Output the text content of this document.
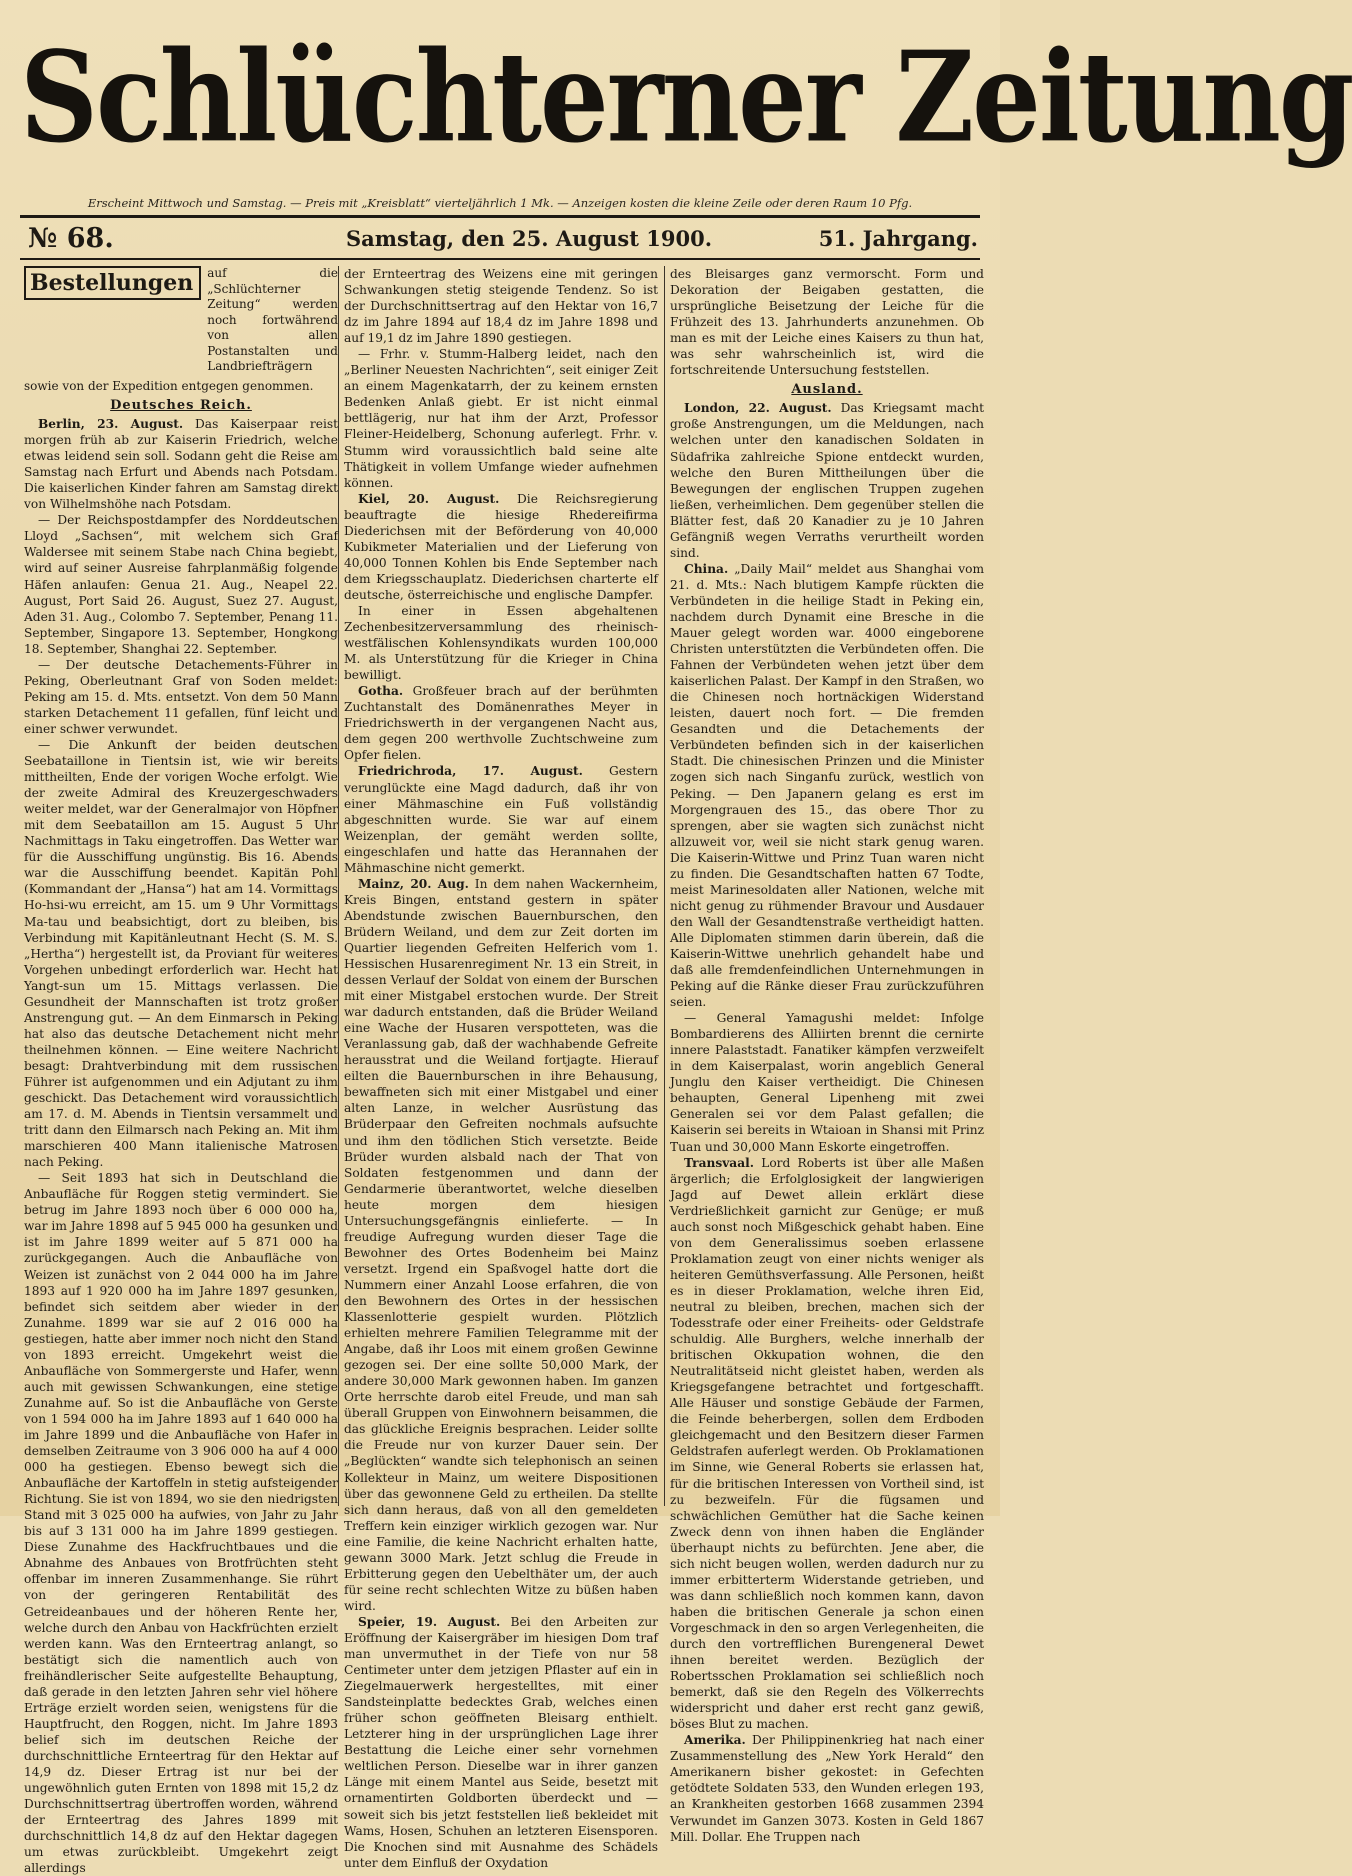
Schlüchterner Zeitung
Erscheint Mittwoch und Samstag. — Preis mit „Kreisblatt“ vierteljährlich 1 Mk. — Anzeigen kosten die kleine Zeile oder deren Raum 10 Pfg.
№ 68.	Samstag, den 25. August 1900.	51. Jahrgang.
Bestellungen	auf die „Schlüchterner Zeitung“ werden noch fortwährend von allen Postanstalten und Landbriefträgern
sowie von der Expedition entgegen genommen.
Deutsches Reich.

Berlin, 23. August. Das Kaiserpaar reist morgen früh ab zur Kaiserin Friedrich, welche etwas leidend sein soll. Sodann geht die Reise am Samstag nach Erfurt und Abends nach Potsdam. Die kaiserlichen Kinder fahren am Samstag direkt von Wilhelmshöhe nach Potsdam.

— Der Reichspostdampfer des Norddeutschen Lloyd „Sachsen“, mit welchem sich Graf Waldersee mit seinem Stabe nach China begiebt, wird auf seiner Ausreise fahrplanmäßig folgende Häfen anlaufen: Genua 21. Aug., Neapel 22. August, Port Said 26. August, Suez 27. August, Aden 31. Aug., Colombo 7. September, Penang 11. September, Singapore 13. September, Hongkong 18. September, Shanghai 22. September.

— Der deutsche Detachements-Führer in Peking, Oberleutnant Graf von Soden meldet: Peking am 15. d. Mts. entsetzt. Von dem 50 Mann starken Detachement 11 gefallen, fünf leicht und einer schwer verwundet.

— Die Ankunft der beiden deutschen Seebataillone in Tientsin ist, wie wir bereits mittheilten, Ende der vorigen Woche erfolgt. Wie der zweite Admiral des Kreuzergeschwaders weiter meldet, war der Generalmajor von Höpfner mit dem Seebataillon am 15. August 5 Uhr Nachmittags in Taku eingetroffen. Das Wetter war für die Ausschiffung ungünstig. Bis 16. Abends war die Ausschiffung beendet. Kapitän Pohl (Kommandant der „Hansa“) hat am 14. Vormittags Ho-hsi-wu erreicht, am 15. um 9 Uhr Vormittags Ma-tau und beabsichtigt, dort zu bleiben, bis Verbindung mit Kapitänleutnant Hecht (S. M. S. „Hertha“) hergestellt ist, da Proviant für weiteres Vorgehen unbedingt erforderlich war. Hecht hat Yangt-sun um 15. Mittags verlassen. Die Gesundheit der Mannschaften ist trotz großer Anstrengung gut. — An dem Einmarsch in Peking hat also das deutsche Detachement nicht mehr theilnehmen können. — Eine weitere Nachricht besagt: Drahtverbindung mit dem russischen Führer ist aufgenommen und ein Adjutant zu ihm geschickt. Das Detachement wird voraussichtlich am 17. d. M. Abends in Tientsin versammelt und tritt dann den Eilmarsch nach Peking an. Mit ihm marschieren 400 Mann italienische Matrosen nach Peking.

— Seit 1893 hat sich in Deutschland die Anbaufläche für Roggen stetig vermindert. Sie betrug im Jahre 1893 noch über 6 000 000 ha, war im Jahre 1898 auf 5 945 000 ha gesunken und ist im Jahre 1899 weiter auf 5 871 000 ha zurückgegangen. Auch die Anbaufläche von Weizen ist zunächst von 2 044 000 ha im Jahre 1893 auf 1 920 000 ha im Jahre 1897 gesunken, befindet sich seitdem aber wieder in der Zunahme. 1899 war sie auf 2 016 000 ha gestiegen, hatte aber immer noch nicht den Stand von 1893 erreicht. Umgekehrt weist die Anbaufläche von Sommergerste und Hafer, wenn auch mit gewissen Schwankungen, eine stetige Zunahme auf. So ist die Anbaufläche von Gerste von 1 594 000 ha im Jahre 1893 auf 1 640 000 ha im Jahre 1899 und die Anbaufläche von Hafer in demselben Zeitraume von 3 906 000 ha auf 4 000 000 ha gestiegen. Ebenso bewegt sich die Anbaufläche der Kartoffeln in stetig aufsteigender Richtung. Sie ist von 1894, wo sie den niedrigsten Stand mit 3 025 000 ha aufwies, von Jahr zu Jahr bis auf 3 131 000 ha im Jahre 1899 gestiegen. Diese Zunahme des Hackfruchtbaues und die Abnahme des Anbaues von Brotfrüchten steht offenbar im inneren Zusammenhange. Sie rührt von der geringeren Rentabilität des Getreideanbaues und der höheren Rente her, welche durch den Anbau von Hackfrüchten erzielt werden kann. Was den Ernteertrag anlangt, so bestätigt sich die namentlich auch von freihändlerischer Seite aufgestellte Behauptung, daß gerade in den letzten Jahren sehr viel höhere Erträge erzielt worden seien, wenigstens für die Hauptfrucht, den Roggen, nicht. Im Jahre 1893 belief sich im deutschen Reiche der durchschnittliche Ernteertrag für den Hektar auf 14,9 dz. Dieser Ertrag ist nur bei der ungewöhnlich guten Ernten von 1898 mit 15,2 dz Durchschnittsertrag übertroffen worden, während der Ernteertrag des Jahres 1899 mit durchschnittlich 14,8 dz auf den Hektar dagegen um etwas zurückbleibt. Umgekehrt zeigt allerdings

der Ernteertrag des Weizens eine mit geringen Schwankungen stetig steigende Tendenz. So ist der Durchschnittsertrag auf den Hektar von 16,7 dz im Jahre 1894 auf 18,4 dz im Jahre 1898 und auf 19,1 dz im Jahre 1890 gestiegen.

— Frhr. v. Stumm-Halberg leidet, nach den „Berliner Neuesten Nachrichten“, seit einiger Zeit an einem Magenkatarrh, der zu keinem ernsten Bedenken Anlaß giebt. Er ist nicht einmal bettlägerig, nur hat ihm der Arzt, Professor Fleiner-Heidelberg, Schonung auferlegt. Frhr. v. Stumm wird voraussichtlich bald seine alte Thätigkeit in vollem Umfange wieder aufnehmen können.

Kiel, 20. August. Die Reichsregierung beauftragte die hiesige Rhedereifirma Diederichsen mit der Beförderung von 40,000 Kubikmeter Materialien und der Lieferung von 40,000 Tonnen Kohlen bis Ende September nach dem Kriegsschauplatz. Diederichsen charterte elf deutsche, österreichische und englische Dampfer.

In einer in Essen abgehaltenen Zechenbesitzerversammlung des rheinisch-westfälischen Kohlensyndikats wurden 100,000 M. als Unterstützung für die Krieger in China bewilligt.

Gotha. Großfeuer brach auf der berühmten Zuchtanstalt des Domänenrathes Meyer in Friedrichswerth in der vergangenen Nacht aus, dem gegen 200 werthvolle Zuchtschweine zum Opfer fielen.

Friedrichroda, 17. August. Gestern verunglückte eine Magd dadurch, daß ihr von einer Mähmaschine ein Fuß vollständig abgeschnitten wurde. Sie war auf einem Weizenplan, der gemäht werden sollte, eingeschlafen und hatte das Herannahen der Mähmaschine nicht gemerkt.

Mainz, 20. Aug. In dem nahen Wackernheim, Kreis Bingen, entstand gestern in später Abendstunde zwischen Bauernburschen, den Brüdern Weiland, und dem zur Zeit dorten im Quartier liegenden Gefreiten Helferich vom 1. Hessischen Husarenregiment Nr. 13 ein Streit, in dessen Verlauf der Soldat von einem der Burschen mit einer Mistgabel erstochen wurde. Der Streit war dadurch entstanden, daß die Brüder Weiland eine Wache der Husaren verspotteten, was die Veranlassung gab, daß der wachhabende Gefreite herausstrat und die Weiland fortjagte. Hierauf eilten die Bauernburschen in ihre Behausung, bewaffneten sich mit einer Mistgabel und einer alten Lanze, in welcher Ausrüstung das Brüderpaar den Gefreiten nochmals aufsuchte und ihm den tödlichen Stich versetzte. Beide Brüder wurden alsbald nach der That von Soldaten festgenommen und dann der Gendarmerie überantwortet, welche dieselben heute morgen dem hiesigen Untersuchungsgefängnis einlieferte. — In freudige Aufregung wurden dieser Tage die Bewohner des Ortes Bodenheim bei Mainz versetzt. Irgend ein Spaßvogel hatte dort die Nummern einer Anzahl Loose erfahren, die von den Bewohnern des Ortes in der hessischen Klassenlotterie gespielt wurden. Plötzlich erhielten mehrere Familien Telegramme mit der Angabe, daß ihr Loos mit einem großen Gewinne gezogen sei. Der eine sollte 50,000 Mark, der andere 30,000 Mark gewonnen haben. Im ganzen Orte herrschte darob eitel Freude, und man sah überall Gruppen von Einwohnern beisammen, die das glückliche Ereignis besprachen. Leider sollte die Freude nur von kurzer Dauer sein. Der „Beglückten“ wandte sich telephonisch an seinen Kollekteur in Mainz, um weitere Dispositionen über das gewonnene Geld zu ertheilen. Da stellte sich dann heraus, daß von all den gemeldeten Treffern kein einziger wirklich gezogen war. Nur eine Familie, die keine Nachricht erhalten hatte, gewann 3000 Mark. Jetzt schlug die Freude in Erbitterung gegen den Uebelthäter um, der auch für seine recht schlechten Witze zu büßen haben wird.

Speier, 19. August. Bei den Arbeiten zur Eröffnung der Kaisergräber im hiesigen Dom traf man unvermuthet in der Tiefe von nur 58 Centimeter unter dem jetzigen Pflaster auf ein in Ziegelmauerwerk hergestelltes, mit einer Sandsteinplatte bedecktes Grab, welches einen früher schon geöffneten Bleisarg enthielt. Letzterer hing in der ursprünglichen Lage ihrer Bestattung die Leiche einer sehr vornehmen weltlichen Person. Dieselbe war in ihrer ganzen Länge mit einem Mantel aus Seide, besetzt mit ornamentirten Goldborten überdeckt und — soweit sich bis jetzt feststellen ließ bekleidet mit Wams, Hosen, Schuhen an letzteren Eisensporen. Die Knochen sind mit Ausnahme des Schädels unter dem Einfluß der Oxydation

des Bleisarges ganz vermorscht. Form und Dekoration der Beigaben gestatten, die ursprüngliche Beisetzung der Leiche für die Frühzeit des 13. Jahrhunderts anzunehmen. Ob man es mit der Leiche eines Kaisers zu thun hat, was sehr wahrscheinlich ist, wird die fortschreitende Untersuchung feststellen.

Ausland.

London, 22. August. Das Kriegsamt macht große Anstrengungen, um die Meldungen, nach welchen unter den kanadischen Soldaten in Südafrika zahlreiche Spione entdeckt wurden, welche den Buren Mittheilungen über die Bewegungen der englischen Truppen zugehen ließen, verheimlichen. Dem gegenüber stellen die Blätter fest, daß 20 Kanadier zu je 10 Jahren Gefängniß wegen Verraths verurtheilt worden sind.

China. „Daily Mail“ meldet aus Shanghai vom 21. d. Mts.: Nach blutigem Kampfe rückten die Verbündeten in die heilige Stadt in Peking ein, nachdem durch Dynamit eine Bresche in die Mauer gelegt worden war. 4000 eingeborene Christen unterstützten die Verbündeten offen. Die Fahnen der Verbündeten wehen jetzt über dem kaiserlichen Palast. Der Kampf in den Straßen, wo die Chinesen noch hortnäckigen Widerstand leisten, dauert noch fort. — Die fremden Gesandten und die Detachements der Verbündeten befinden sich in der kaiserlichen Stadt. Die chinesischen Prinzen und die Minister zogen sich nach Singanfu zurück, westlich von Peking. — Den Japanern gelang es erst im Morgengrauen des 15., das obere Thor zu sprengen, aber sie wagten sich zunächst nicht allzuweit vor, weil sie nicht stark genug waren. Die Kaiserin-Wittwe und Prinz Tuan waren nicht zu finden. Die Gesandtschaften hatten 67 Todte, meist Marinesoldaten aller Nationen, welche mit nicht genug zu rühmender Bravour und Ausdauer den Wall der Gesandtenstraße vertheidigt hatten. Alle Diplomaten stimmen darin überein, daß die Kaiserin-Wittwe unehrlich gehandelt habe und daß alle fremdenfeindlichen Unternehmungen in Peking auf die Ränke dieser Frau zurückzuführen seien.

— General Yamagushi meldet: Infolge Bombardierens des Alliirten brennt die cernirte innere Palaststadt. Fanatiker kämpfen verzweifelt in dem Kaiserpalast, worin angeblich General Junglu den Kaiser vertheidigt. Die Chinesen behaupten, General Lipenheng mit zwei Generalen sei vor dem Palast gefallen; die Kaiserin sei bereits in Wtaioan in Shansi mit Prinz Tuan und 30,000 Mann Eskorte eingetroffen.

Transvaal. Lord Roberts ist über alle Maßen ärgerlich; die Erfolglosigkeit der langwierigen Jagd auf Dewet allein erklärt diese Verdrießlichkeit garnicht zur Genüge; er muß auch sonst noch Mißgeschick gehabt haben. Eine von dem Generalissimus soeben erlassene Proklamation zeugt von einer nichts weniger als heiteren Gemüthsverfassung. Alle Personen, heißt es in dieser Proklamation, welche ihren Eid, neutral zu bleiben, brechen, machen sich der Todesstrafe oder einer Freiheits- oder Geldstrafe schuldig. Alle Burghers, welche innerhalb der britischen Okkupation wohnen, die den Neutralitätseid nicht gleistet haben, werden als Kriegsgefangene betrachtet und fortgeschafft. Alle Häuser und sonstige Gebäude der Farmen, die Feinde beherbergen, sollen dem Erdboden gleichgemacht und den Besitzern dieser Farmen Geldstrafen auferlegt werden. Ob Proklamationen im Sinne, wie General Roberts sie erlassen hat, für die britischen Interessen von Vortheil sind, ist zu bezweifeln. Für die fügsamen und schwächlichen Gemüther hat die Sache keinen Zweck denn von ihnen haben die Engländer überhaupt nichts zu befürchten. Jene aber, die sich nicht beugen wollen, werden dadurch nur zu immer erbitterterm Widerstande getrieben, und was dann schließlich noch kommen kann, davon haben die britischen Generale ja schon einen Vorgeschmack in den so argen Verlegenheiten, die durch den vortrefflichen Burengeneral Dewet ihnen bereitet werden. Bezüglich der Robertsschen Proklamation sei schließlich noch bemerkt, daß sie den Regeln des Völkerrechts widerspricht und daher erst recht ganz gewiß, böses Blut zu machen.

Amerika. Der Philippinenkrieg hat nach einer Zusammenstellung des „New York Herald“ den Amerikanern bisher gekostet: in Gefechten getödtete Soldaten 533, den Wunden erlegen 193, an Krankheiten gestorben 1668 zusammen 2394 Verwundet im Ganzen 3073. Kosten in Geld 1867 Mill. Dollar. Ehe Truppen nach
